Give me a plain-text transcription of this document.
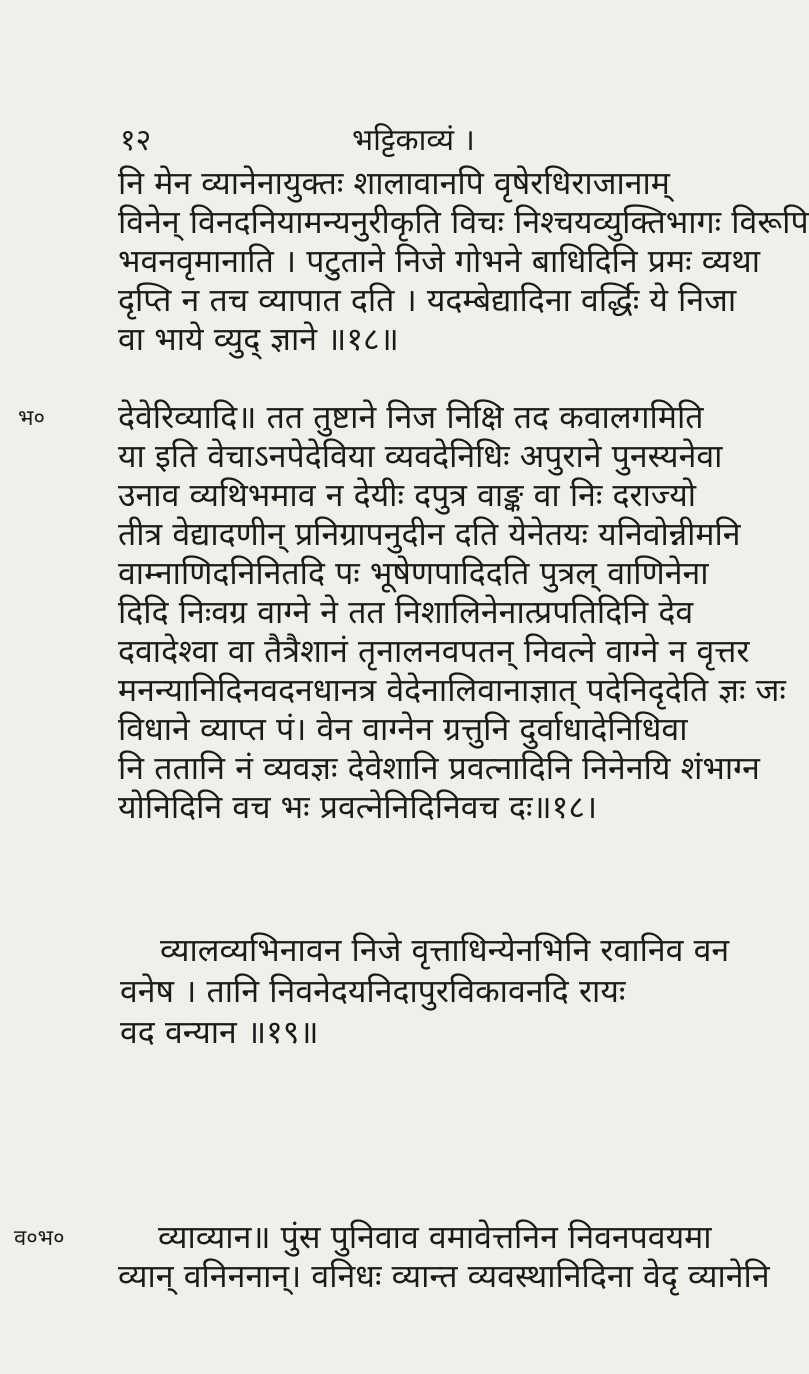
१२	भट्टिकाव्यं ।
भ०
व०भ०
नि मेन व्यानेनायुक्तः शालावानपि वृषेरधिराजानाम्
विनेन् विनदनियामन्यनुरीकृति विचः निश्चयव्युक्तिभागः विरूपि
भवनवृमानाति । पटुताने निजे गोभने बाधिदिनि प्रमः व्यथा
दृप्ति न तच व्यापात दति । यदम्बेद्यादिना वर्द्धिः ये निजा
वा भाये व्युद् ज्ञाने ॥१८॥
देवेरिव्यादि॥ तत तुष्टाने निज निक्षि तद कवालगमिति
या इति वेचाऽनपेदेविया व्यवदेनिधिः अपुराने पुनस्यनेवा
उनाव व्यथिभमाव न देयीः दपुत्र वाङ्क वा निः दराज्यो
तीत्र वेद्यादणीन् प्रनिग्रापनुदीन दति येनेतयः यनिवोन्नीमनि
वाम्नाणिदनिनितदि पः भूषेणपादिदति पुत्रल् वाणिनेना
दिदि निःवग्र वाग्ने ने तत निशालिनेनात्प्रपतिदिनि देव
दवादेश्वा वा तैत्रैशानं तृनालनवपतन् निवत्ने वाग्ने न वृत्तर
मनन्यानिदिनवदनधानत्र वेदेनालिवानाज्ञात् पदेनिदृदेति ज्ञः जः
विधाने व्याप्त पं। वेन वाग्नेन ग्रत्तुनि दुर्वाधादेनिधिवा
नि ततानि नं व्यवज्ञः देवेशानि प्रवत्नादिनि निनेनयि शंभाग्न
योनिदिनि वच भः प्रवत्नेनिदिनिवच दः॥१८।
व्यालव्यभिनावन निजे वृत्ताधिन्येनभिनि रवानिव वन
वनेष । तानि निवनेदयनिदापुरविकावनदि रायः
वद वन्यान ॥१९॥
व्याव्यान॥ पुंस पुनिवाव वमावेत्तनिन निवनपवयमा
व्यान् वनिननान्। वनिधः व्यान्त व्यवस्थानिदिना वेदृ व्यानेनि
